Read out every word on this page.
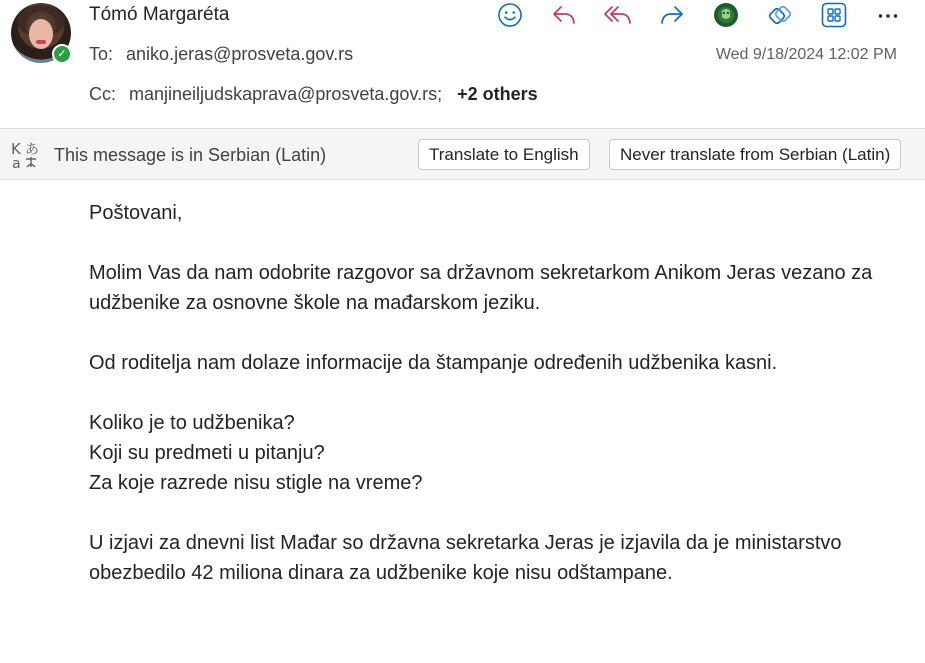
✓
Tómó Margaréta
To: aniko.jeras@prosveta.gov.rs
Cc: manjineiljudskaprava@prosveta.gov.rs; +2 others
Wed 9/18/2024 12:02 PM
K
a
あ This message is in Serbian (Latin)	Translate to English	Never translate from Serbian (Latin)

Poštovani,

Molim Vas da nam odobrite razgovor sa državnom sekretarkom Anikom Jeras vezano za udžbenike za osnovne škole na mađarskom jeziku.

Od roditelja nam dolaze informacije da štampanje određenih udžbenika kasni.

Koliko je to udžbenika?

Koji su predmeti u pitanju?

Za koje razrede nisu stigle na vreme?

U izjavi za dnevni list Mađar so državna sekretarka Jeras je izjavila da je ministarstvo obezbedilo 42 miliona dinara za udžbenike koje nisu odštampane.
